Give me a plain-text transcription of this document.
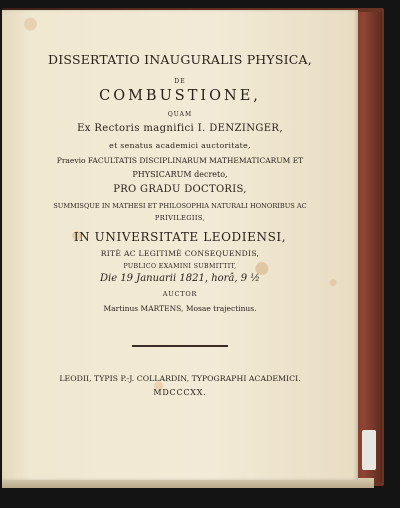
DISSERTATIO INAUGURALIS PHYSICA,
DE
COMBUSTIONE,
QUAM
Ex Rectoris magnifici I. DENZINGER,
et senatus academici auctoritate,
Praevio FACULTATIS DISCIPLINARUM MATHEMATICARUM ET
PHYSICARUM decreto,
PRO GRADU DOCTORIS,
SUMMISQUE IN MATHESI ET PHILOSOPHIA NATURALI HONORIBUS AC
PRIVILEGIIS,
IN UNIVERSITATE LEODIENSI,
RITÈ AC LEGITIMÈ CONSEQUENDIS,
PUBLICO EXAMINI SUBMITTIT,
Die 19 Januarii 1821, horâ, 9 ½
AUCTOR
Martinus MARTENS, Mosae trajectinus.
LEODII, TYPIS P.-J. COLLARDIN, TYPOGRAPHI ACADEMICI.
MDCCCXX.
